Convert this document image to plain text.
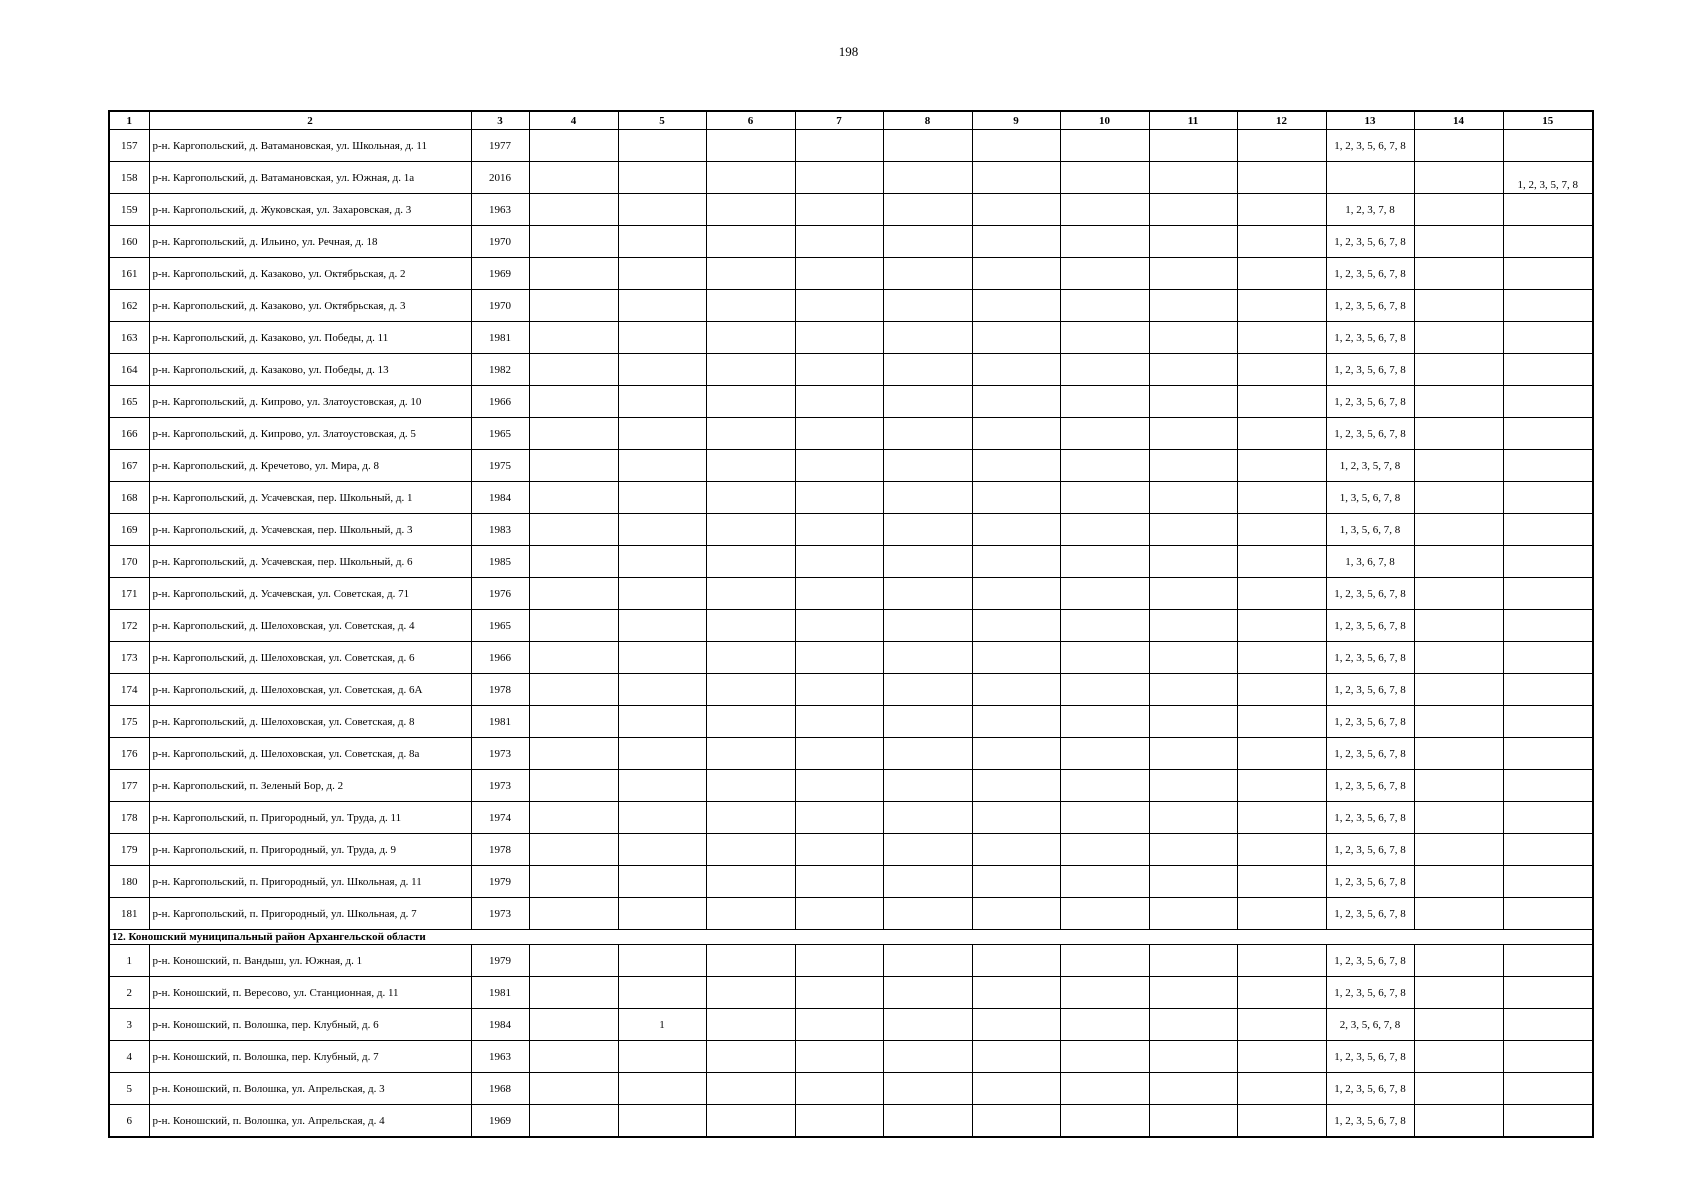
198
1	2	3	4	5	6	7	8	9	10	11	12	13	14	15
157	р-н. Каргопольский, д. Ватамановская, ул. Школьная, д. 11	1977										1, 2, 3, 5, 6, 7, 8		
158	р-н. Каргопольский, д. Ватамановская, ул. Южная, д. 1а	2016												1, 2, 3, 5, 7, 8
159	р-н. Каргопольский, д. Жуковская, ул. Захаровская, д. 3	1963										1, 2, 3, 7, 8		
160	р-н. Каргопольский, д. Ильино, ул. Речная, д. 18	1970										1, 2, 3, 5, 6, 7, 8		
161	р-н. Каргопольский, д. Казаково, ул. Октябрьская, д. 2	1969										1, 2, 3, 5, 6, 7, 8		
162	р-н. Каргопольский, д. Казаково, ул. Октябрьская, д. 3	1970										1, 2, 3, 5, 6, 7, 8		
163	р-н. Каргопольский, д. Казаково, ул. Победы, д. 11	1981										1, 2, 3, 5, 6, 7, 8		
164	р-н. Каргопольский, д. Казаково, ул. Победы, д. 13	1982										1, 2, 3, 5, 6, 7, 8		
165	р-н. Каргопольский, д. Кипрово, ул. Златоустовская, д. 10	1966										1, 2, 3, 5, 6, 7, 8		
166	р-н. Каргопольский, д. Кипрово, ул. Златоустовская, д. 5	1965										1, 2, 3, 5, 6, 7, 8		
167	р-н. Каргопольский, д. Кречетово, ул. Мира, д. 8	1975										1, 2, 3, 5, 7, 8		
168	р-н. Каргопольский, д. Усачевская, пер. Школьный, д. 1	1984										1, 3, 5, 6, 7, 8		
169	р-н. Каргопольский, д. Усачевская, пер. Школьный, д. 3	1983										1, 3, 5, 6, 7, 8		
170	р-н. Каргопольский, д. Усачевская, пер. Школьный, д. 6	1985										1, 3, 6, 7, 8		
171	р-н. Каргопольский, д. Усачевская, ул. Советская, д. 71	1976										1, 2, 3, 5, 6, 7, 8		
172	р-н. Каргопольский, д. Шелоховская, ул. Советская, д. 4	1965										1, 2, 3, 5, 6, 7, 8		
173	р-н. Каргопольский, д. Шелоховская, ул. Советская, д. 6	1966										1, 2, 3, 5, 6, 7, 8		
174	р-н. Каргопольский, д. Шелоховская, ул. Советская, д. 6А	1978										1, 2, 3, 5, 6, 7, 8		
175	р-н. Каргопольский, д. Шелоховская, ул. Советская, д. 8	1981										1, 2, 3, 5, 6, 7, 8		
176	р-н. Каргопольский, д. Шелоховская, ул. Советская, д. 8а	1973										1, 2, 3, 5, 6, 7, 8		
177	р-н. Каргопольский, п. Зеленый Бор, д. 2	1973										1, 2, 3, 5, 6, 7, 8		
178	р-н. Каргопольский, п. Пригородный, ул. Труда, д. 11	1974										1, 2, 3, 5, 6, 7, 8		
179	р-н. Каргопольский, п. Пригородный, ул. Труда, д. 9	1978										1, 2, 3, 5, 6, 7, 8		
180	р-н. Каргопольский, п. Пригородный, ул. Школьная, д. 11	1979										1, 2, 3, 5, 6, 7, 8		
181	р-н. Каргопольский, п. Пригородный, ул. Школьная, д. 7	1973										1, 2, 3, 5, 6, 7, 8		
12. Коношский муниципальный район Архангельской области														
1	р-н. Коношский, п. Вандыш, ул. Южная, д. 1	1979										1, 2, 3, 5, 6, 7, 8		
2	р-н. Коношский, п. Вересово, ул. Станционная, д. 11	1981										1, 2, 3, 5, 6, 7, 8		
3	р-н. Коношский, п. Волошка, пер. Клубный, д. 6	1984		1								2, 3, 5, 6, 7, 8		
4	р-н. Коношский, п. Волошка, пер. Клубный, д. 7	1963										1, 2, 3, 5, 6, 7, 8		
5	р-н. Коношский, п. Волошка, ул. Апрельская, д. 3	1968										1, 2, 3, 5, 6, 7, 8		
6	р-н. Коношский, п. Волошка, ул. Апрельская, д. 4	1969										1, 2, 3, 5, 6, 7, 8		
